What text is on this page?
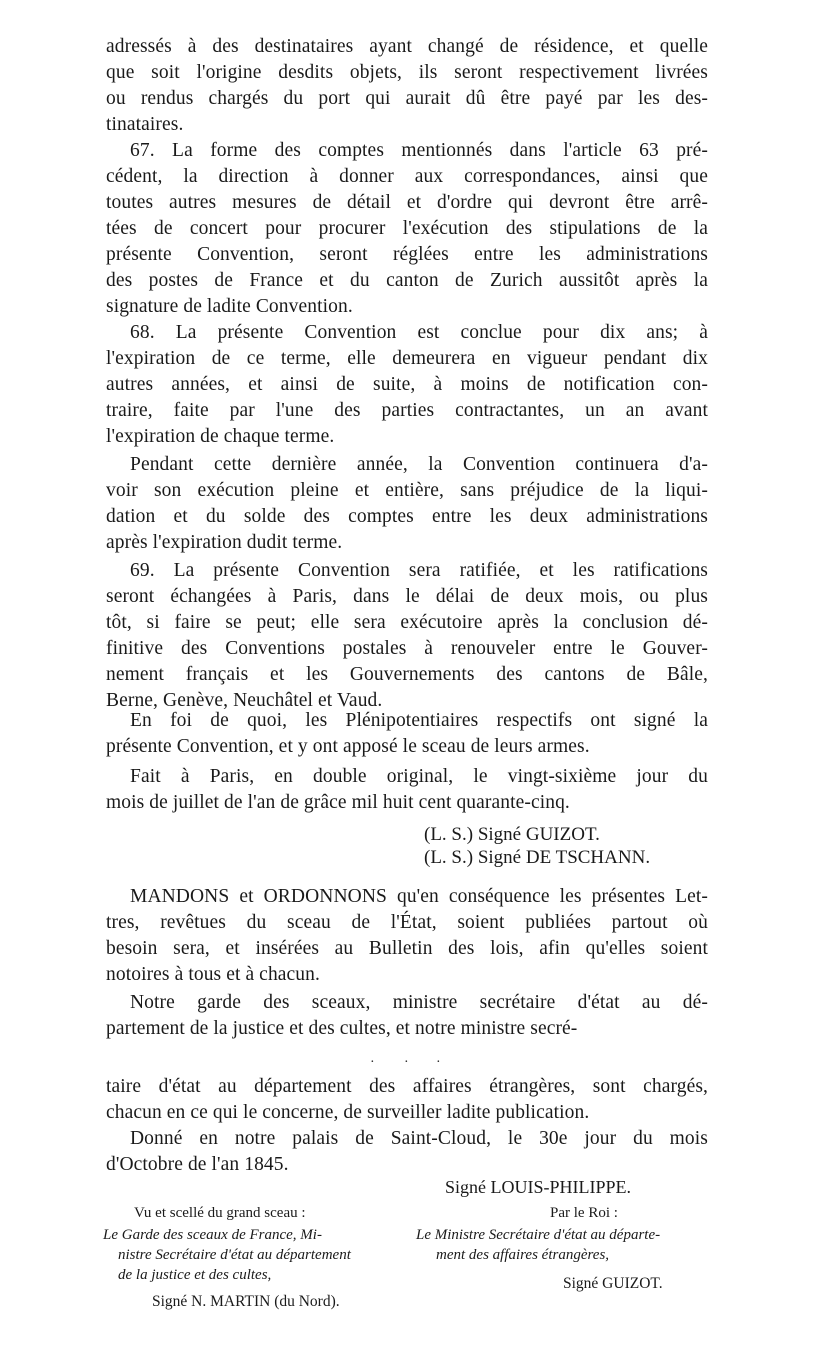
adressés à des destinataires ayant changé de résidence, et quelle
que soit l'origine desdits objets, ils seront respectivement livrées
ou rendus chargés du port qui aurait dû être payé par les des-
tinataires.
67. La forme des comptes mentionnés dans l'article 63 pré-
cédent, la direction à donner aux correspondances, ainsi que
toutes autres mesures de détail et d'ordre qui devront être arrê-
tées de concert pour procurer l'exécution des stipulations de la
présente Convention, seront réglées entre les administrations
des postes de France et du canton de Zurich aussitôt après la
signature de ladite Convention.
68. La présente Convention est conclue pour dix ans; à
l'expiration de ce terme, elle demeurera en vigueur pendant dix
autres années, et ainsi de suite, à moins de notification con-
traire, faite par l'une des parties contractantes, un an avant
l'expiration de chaque terme.
Pendant cette dernière année, la Convention continuera d'a-
voir son exécution pleine et entière, sans préjudice de la liqui-
dation et du solde des comptes entre les deux administrations
après l'expiration dudit terme.
69. La présente Convention sera ratifiée, et les ratifications
seront échangées à Paris, dans le délai de deux mois, ou plus
tôt, si faire se peut; elle sera exécutoire après la conclusion dé-
finitive des Conventions postales à renouveler entre le Gouver-
nement français et les Gouvernements des cantons de Bâle,
Berne, Genève, Neuchâtel et Vaud.
En foi de quoi, les Plénipotentiaires respectifs ont signé la
présente Convention, et y ont apposé le sceau de leurs armes.
Fait à Paris, en double original, le vingt-sixième jour du
mois de juillet de l'an de grâce mil huit cent quarante-cinq.
(L. S.) Signé GUIZOT.
(L. S.) Signé DE TSCHANN.
MANDONS et ORDONNONS qu'en conséquence les présentes Let-
tres, revêtues du sceau de l'État, soient publiées partout où
besoin sera, et insérées au Bulletin des lois, afin qu'elles soient
notoires à tous et à chacun.
Notre garde des sceaux, ministre secrétaire d'état au dé-
partement de la justice et des cultes, et notre ministre secré-
· · ·
taire d'état au département des affaires étrangères, sont chargés,
chacun en ce qui le concerne, de surveiller ladite publication.
Donné en notre palais de Saint-Cloud, le 30e jour du mois
d'Octobre de l'an 1845.
Signé LOUIS-PHILIPPE.
Vu et scellé du grand sceau :
Le Garde des sceaux de France, Mi-
nistre Secrétaire d'état au département
de la justice et des cultes,
Signé N. MARTIN (du Nord).
Par le Roi :
Le Ministre Secrétaire d'état au départe-
ment des affaires étrangères,
Signé GUIZOT.
